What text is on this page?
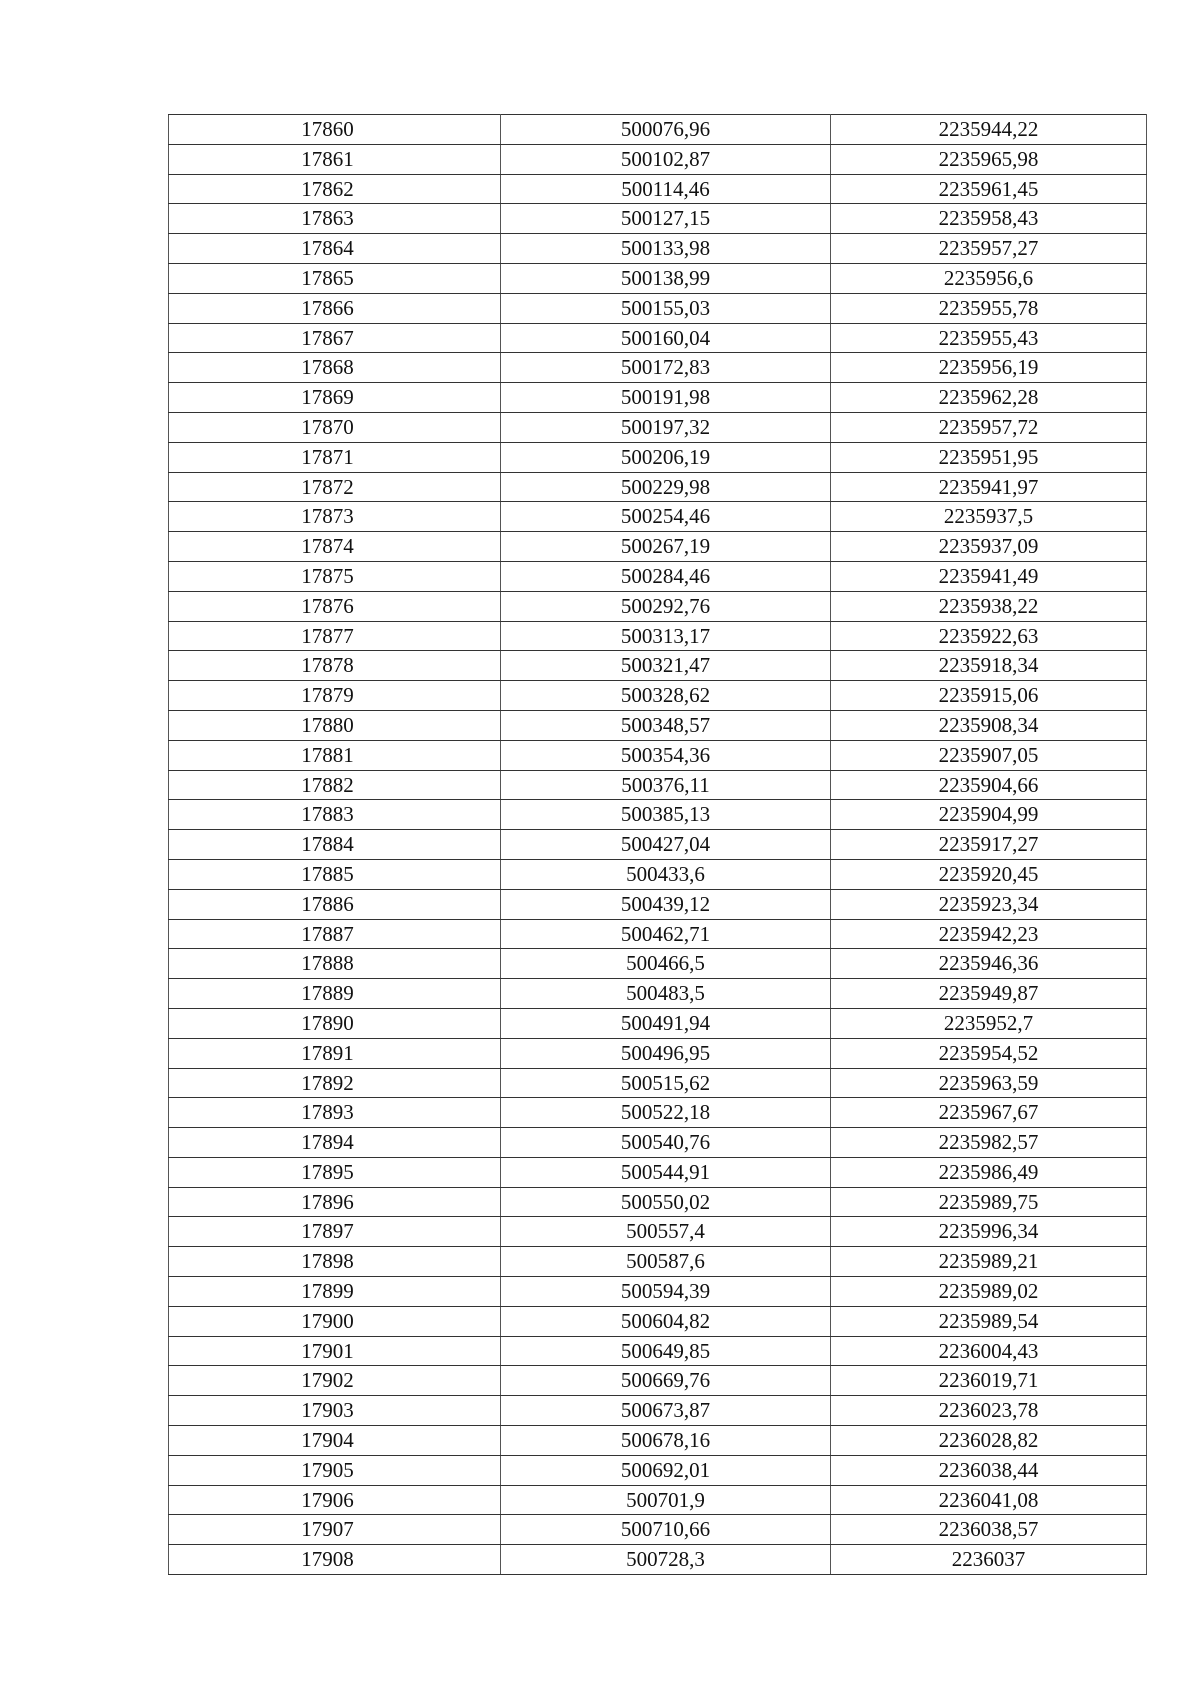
17860	500076,96	2235944,22
17861	500102,87	2235965,98
17862	500114,46	2235961,45
17863	500127,15	2235958,43
17864	500133,98	2235957,27
17865	500138,99	2235956,6
17866	500155,03	2235955,78
17867	500160,04	2235955,43
17868	500172,83	2235956,19
17869	500191,98	2235962,28
17870	500197,32	2235957,72
17871	500206,19	2235951,95
17872	500229,98	2235941,97
17873	500254,46	2235937,5
17874	500267,19	2235937,09
17875	500284,46	2235941,49
17876	500292,76	2235938,22
17877	500313,17	2235922,63
17878	500321,47	2235918,34
17879	500328,62	2235915,06
17880	500348,57	2235908,34
17881	500354,36	2235907,05
17882	500376,11	2235904,66
17883	500385,13	2235904,99
17884	500427,04	2235917,27
17885	500433,6	2235920,45
17886	500439,12	2235923,34
17887	500462,71	2235942,23
17888	500466,5	2235946,36
17889	500483,5	2235949,87
17890	500491,94	2235952,7
17891	500496,95	2235954,52
17892	500515,62	2235963,59
17893	500522,18	2235967,67
17894	500540,76	2235982,57
17895	500544,91	2235986,49
17896	500550,02	2235989,75
17897	500557,4	2235996,34
17898	500587,6	2235989,21
17899	500594,39	2235989,02
17900	500604,82	2235989,54
17901	500649,85	2236004,43
17902	500669,76	2236019,71
17903	500673,87	2236023,78
17904	500678,16	2236028,82
17905	500692,01	2236038,44
17906	500701,9	2236041,08
17907	500710,66	2236038,57
17908	500728,3	2236037
